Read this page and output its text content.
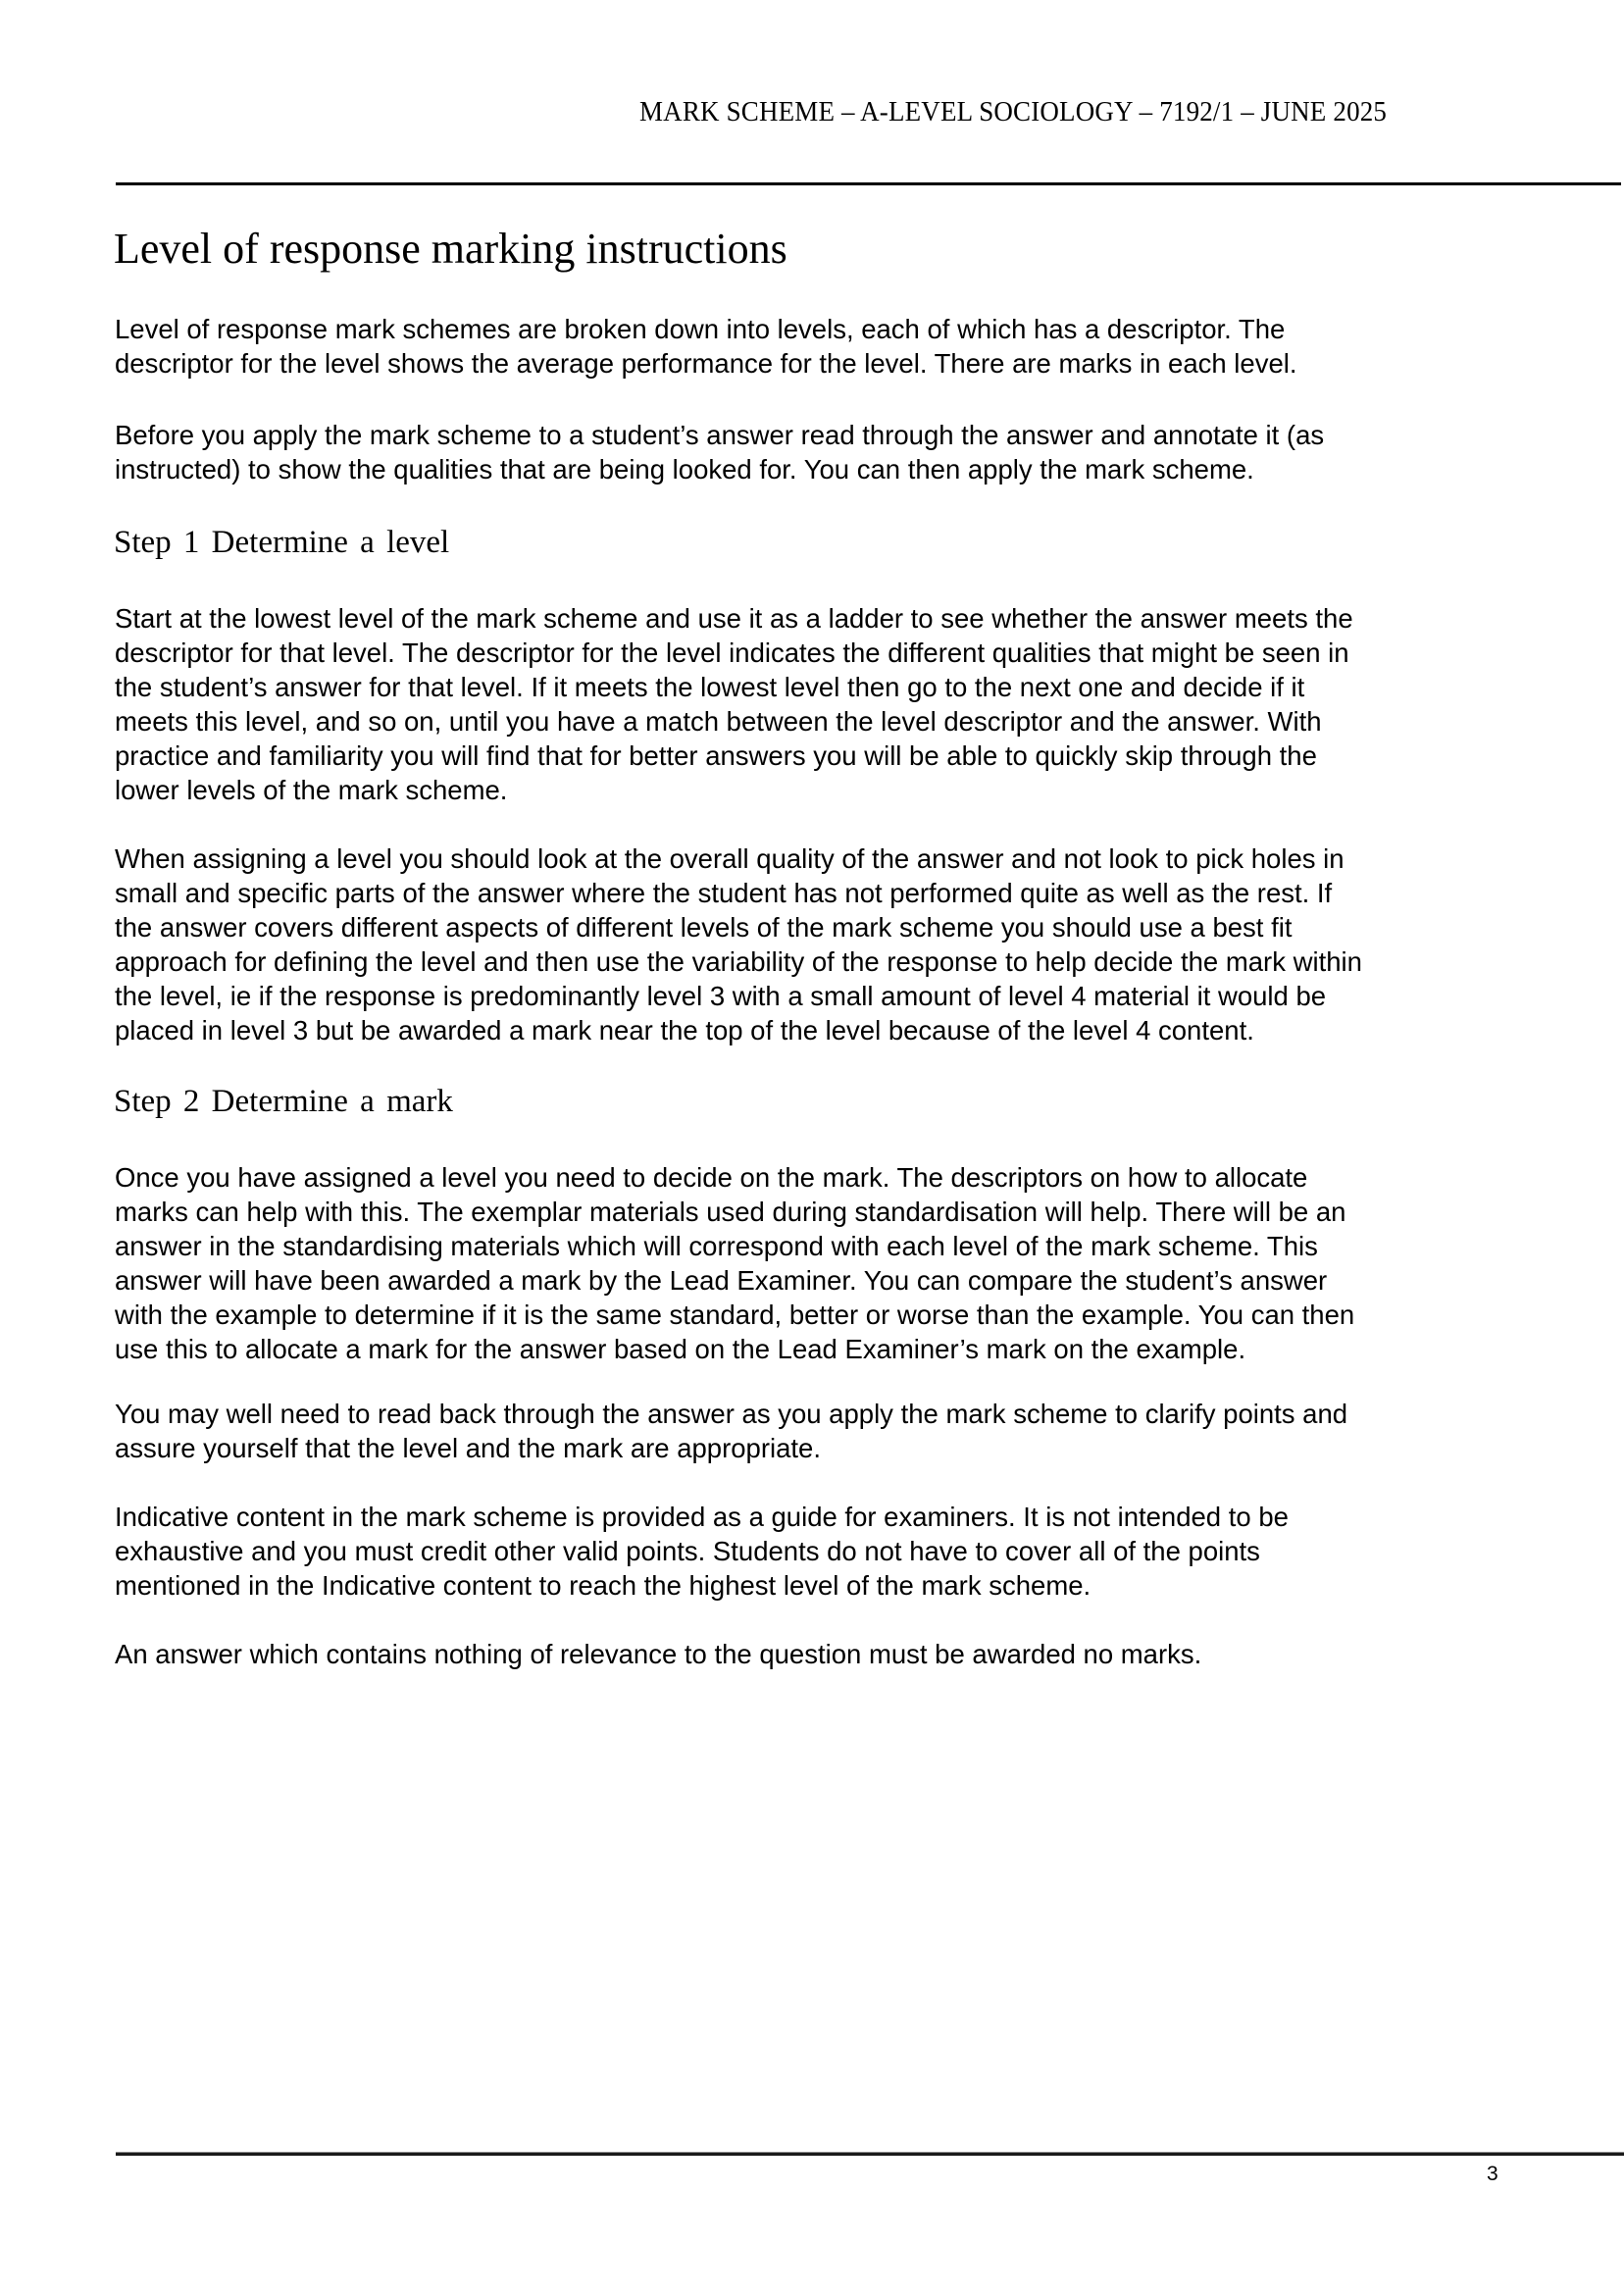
MARK SCHEME – A-LEVEL SOCIOLOGY – 7192/1 – JUNE 2025
Level of response marking instructions

Level of response mark schemes are broken down into levels, each of which has a descriptor. The
descriptor for the level shows the average performance for the level. There are marks in each level.

Before you apply the mark scheme to a student’s answer read through the answer and annotate it (as
instructed) to show the qualities that are being looked for. You can then apply the mark scheme.

Step 1 Determine a level

Start at the lowest level of the mark scheme and use it as a ladder to see whether the answer meets the
descriptor for that level. The descriptor for the level indicates the different qualities that might be seen in
the student’s answer for that level. If it meets the lowest level then go to the next one and decide if it
meets this level, and so on, until you have a match between the level descriptor and the answer. With
practice and familiarity you will find that for better answers you will be able to quickly skip through the
lower levels of the mark scheme.

When assigning a level you should look at the overall quality of the answer and not look to pick holes in
small and specific parts of the answer where the student has not performed quite as well as the rest. If
the answer covers different aspects of different levels of the mark scheme you should use a best fit
approach for defining the level and then use the variability of the response to help decide the mark within
the level, ie if the response is predominantly level 3 with a small amount of level 4 material it would be
placed in level 3 but be awarded a mark near the top of the level because of the level 4 content.

Step 2 Determine a mark

Once you have assigned a level you need to decide on the mark. The descriptors on how to allocate
marks can help with this. The exemplar materials used during standardisation will help. There will be an
answer in the standardising materials which will correspond with each level of the mark scheme. This
answer will have been awarded a mark by the Lead Examiner. You can compare the student’s answer
with the example to determine if it is the same standard, better or worse than the example. You can then
use this to allocate a mark for the answer based on the Lead Examiner’s mark on the example.

You may well need to read back through the answer as you apply the mark scheme to clarify points and
assure yourself that the level and the mark are appropriate.

Indicative content in the mark scheme is provided as a guide for examiners. It is not intended to be
exhaustive and you must credit other valid points. Students do not have to cover all of the points
mentioned in the Indicative content to reach the highest level of the mark scheme.

An answer which contains nothing of relevance to the question must be awarded no marks.

3
